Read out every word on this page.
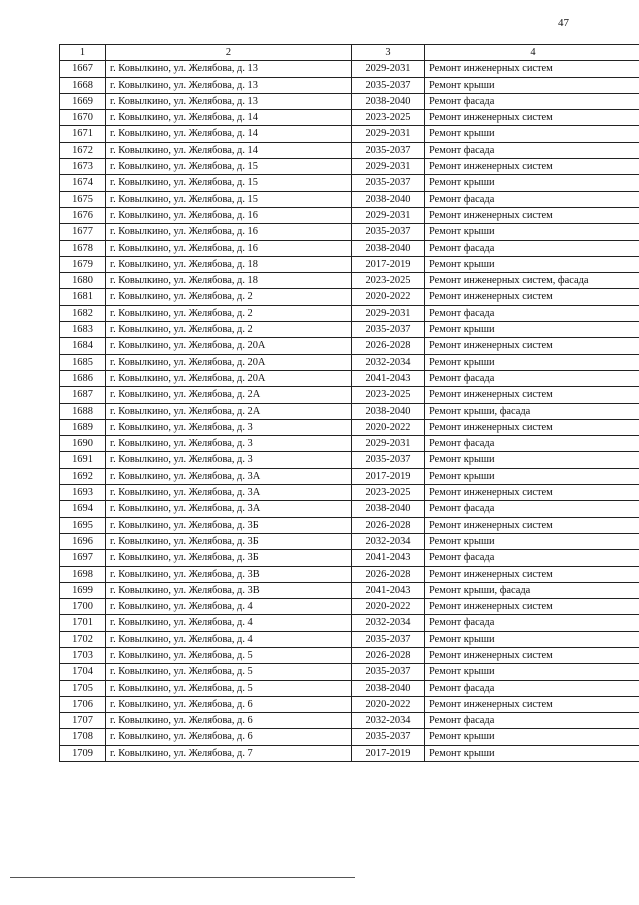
47
1	2	3	4
1667	г. Ковылкино, ул. Желябова, д. 13	2029-2031	Ремонт инженерных систем
1668	г. Ковылкино, ул. Желябова, д. 13	2035-2037	Ремонт крыши
1669	г. Ковылкино, ул. Желябова, д. 13	2038-2040	Ремонт фасада
1670	г. Ковылкино, ул. Желябова, д. 14	2023-2025	Ремонт инженерных систем
1671	г. Ковылкино, ул. Желябова, д. 14	2029-2031	Ремонт крыши
1672	г. Ковылкино, ул. Желябова, д. 14	2035-2037	Ремонт фасада
1673	г. Ковылкино, ул. Желябова, д. 15	2029-2031	Ремонт инженерных систем
1674	г. Ковылкино, ул. Желябова, д. 15	2035-2037	Ремонт крыши
1675	г. Ковылкино, ул. Желябова, д. 15	2038-2040	Ремонт фасада
1676	г. Ковылкино, ул. Желябова, д. 16	2029-2031	Ремонт инженерных систем
1677	г. Ковылкино, ул. Желябова, д. 16	2035-2037	Ремонт крыши
1678	г. Ковылкино, ул. Желябова, д. 16	2038-2040	Ремонт фасада
1679	г. Ковылкино, ул. Желябова, д. 18	2017-2019	Ремонт крыши
1680	г. Ковылкино, ул. Желябова, д. 18	2023-2025	Ремонт инженерных систем, фасада
1681	г. Ковылкино, ул. Желябова, д. 2	2020-2022	Ремонт инженерных систем
1682	г. Ковылкино, ул. Желябова, д. 2	2029-2031	Ремонт фасада
1683	г. Ковылкино, ул. Желябова, д. 2	2035-2037	Ремонт крыши
1684	г. Ковылкино, ул. Желябова, д. 20А	2026-2028	Ремонт инженерных систем
1685	г. Ковылкино, ул. Желябова, д. 20А	2032-2034	Ремонт крыши
1686	г. Ковылкино, ул. Желябова, д. 20А	2041-2043	Ремонт фасада
1687	г. Ковылкино, ул. Желябова, д. 2А	2023-2025	Ремонт инженерных систем
1688	г. Ковылкино, ул. Желябова, д. 2А	2038-2040	Ремонт крыши, фасада
1689	г. Ковылкино, ул. Желябова, д. 3	2020-2022	Ремонт инженерных систем
1690	г. Ковылкино, ул. Желябова, д. 3	2029-2031	Ремонт фасада
1691	г. Ковылкино, ул. Желябова, д. 3	2035-2037	Ремонт крыши
1692	г. Ковылкино, ул. Желябова, д. 3А	2017-2019	Ремонт крыши
1693	г. Ковылкино, ул. Желябова, д. 3А	2023-2025	Ремонт инженерных систем
1694	г. Ковылкино, ул. Желябова, д. 3А	2038-2040	Ремонт фасада
1695	г. Ковылкино, ул. Желябова, д. 3Б	2026-2028	Ремонт инженерных систем
1696	г. Ковылкино, ул. Желябова, д. 3Б	2032-2034	Ремонт крыши
1697	г. Ковылкино, ул. Желябова, д. 3Б	2041-2043	Ремонт фасада
1698	г. Ковылкино, ул. Желябова, д. 3В	2026-2028	Ремонт инженерных систем
1699	г. Ковылкино, ул. Желябова, д. 3В	2041-2043	Ремонт крыши, фасада
1700	г. Ковылкино, ул. Желябова, д. 4	2020-2022	Ремонт инженерных систем
1701	г. Ковылкино, ул. Желябова, д. 4	2032-2034	Ремонт фасада
1702	г. Ковылкино, ул. Желябова, д. 4	2035-2037	Ремонт крыши
1703	г. Ковылкино, ул. Желябова, д. 5	2026-2028	Ремонт инженерных систем
1704	г. Ковылкино, ул. Желябова, д. 5	2035-2037	Ремонт крыши
1705	г. Ковылкино, ул. Желябова, д. 5	2038-2040	Ремонт фасада
1706	г. Ковылкино, ул. Желябова, д. 6	2020-2022	Ремонт инженерных систем
1707	г. Ковылкино, ул. Желябова, д. 6	2032-2034	Ремонт фасада
1708	г. Ковылкино, ул. Желябова, д. 6	2035-2037	Ремонт крыши
1709	г. Ковылкино, ул. Желябова, д. 7	2017-2019	Ремонт крыши
